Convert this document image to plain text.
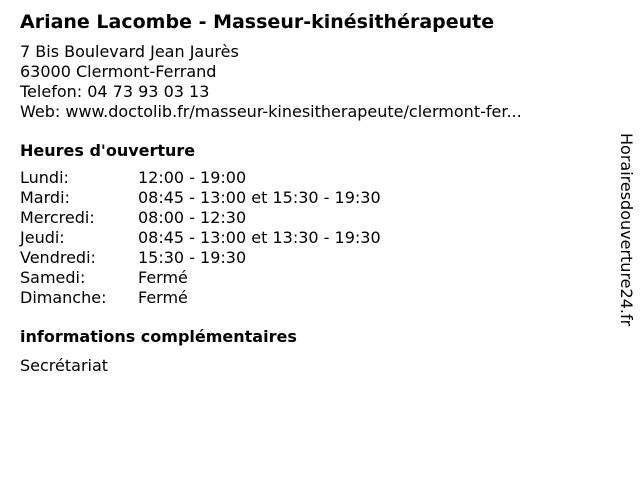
Ariane Lacombe - Masseur-kinésithérapeute
7 Bis Boulevard Jean Jaurès
63000 Clermont-Ferrand
Telefon: 04 73 93 03 13
Web: www.doctolib.fr/masseur-kinesitherapeute/clermont-fer...
Heures d'ouverture
Lundi:	12:00 - 19:00
Mardi:	08:45 - 13:00 et 15:30 - 19:30
Mercredi:	08:00 - 12:30
Jeudi:	08:45 - 13:00 et 13:30 - 19:30
Vendredi:	15:30 - 19:30
Samedi:	Fermé
Dimanche:	Fermé
informations complémentaires
Secrétariat
Horairesdouverture24.fr
